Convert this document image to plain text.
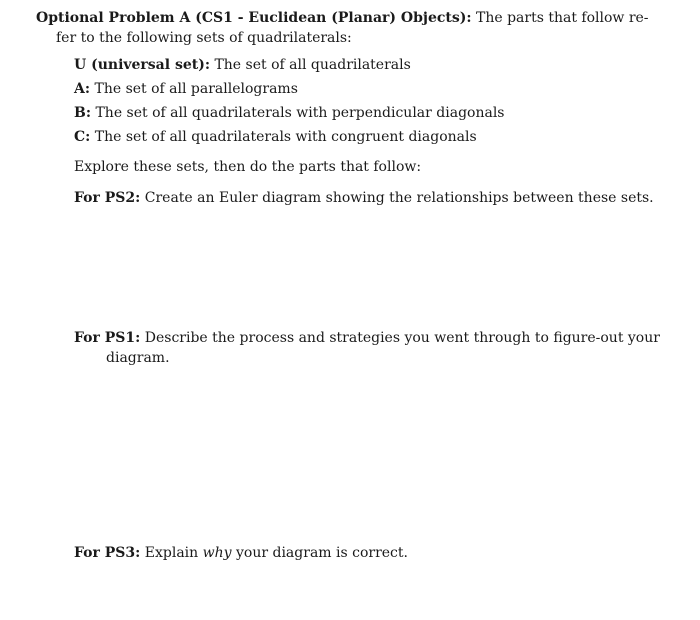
Optional Problem A (CS1 - Euclidean (Planar) Objects): The parts that follow re-
fer to the following sets of quadrilaterals:

U (universal set): The set of all quadrilaterals

A: The set of all parallelograms

B: The set of all quadrilaterals with perpendicular diagonals

C: The set of all quadrilaterals with congruent diagonals

Explore these sets, then do the parts that follow:

For PS2: Create an Euler diagram showing the relationships between these sets.

For PS1: Describe the process and strategies you went through to figure-out your
diagram.

For PS3: Explain why your diagram is correct.
